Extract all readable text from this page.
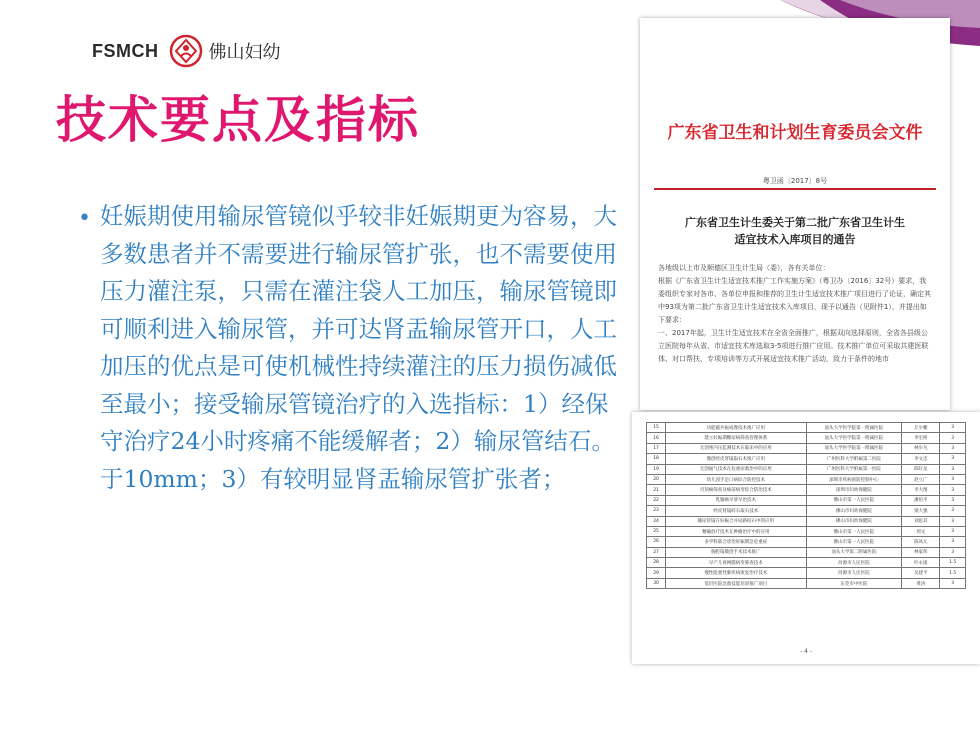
FSMCH	佛山妇幼
技术要点及指标
• 妊娠期使用输尿管镜似乎较非妊娠期更为容易，大多数患者并不需要进行输尿管扩张，也不需要使用压力灌注泵，只需在灌注袋人工加压，输尿管镜即可顺利进入输尿管，并可达肾盂输尿管开口，人工加压的优点是可使机械性持续灌注的压力损伤减低至最小；接受输尿管镜治疗的入选指标：1）经保守治疗24小时疼痛不能缓解者；2）输尿管结石。于10mm；3）有较明显肾盂输尿管扩张者；
广东省卫生和计划生育委员会文件
粤卫函〔2017〕8号
广东省卫生计生委关于第二批广东省卫生计生适宜技术入库项目的通告

各地级以上市及顺德区卫生计生局（委），各有关单位：

根据《广东省卫生计生适宜技术推广工作实施方案》（粤卫办〔2016〕32号）要求，我委组织专家对各市、各单位申报和推荐的卫生计生适宜技术推广项目进行了论证，确定其中93项为第二批广东省卫生计生适宜技术入库项目，现予以通告（见附件1），并提出如下要求：

一、2017年起，卫生计生适宜技术在全省全面推广，根据双向选择原则，全省各县级公立医院每年从省、市适宜技术库选取3-5项进行推广应用。技术推广单位可采取共建医联体、对口帮扶、专项培训等方式开展适宜技术推广活动，致力于条件的地市

15	功能磁共振成像技术推广应用	汕头大学医学院第一附属医院	丘少鹏	3
16	建立妊娠期糖尿病筛查管理体系	汕头大学医学院第一附属医院	李宏桥	3
17	无创颅内压监测技术在临床中的应用	汕头大学医学院第一附属医院	林少凡	3
18	微创经皮肾镜取石术推广应用	广州医科大学附属第二医院	李文忠	3
19	无创通气技术在危重症救治中的应用	广州医科大学附属第一医院	陈旺龙	3
20	幼儿园手足口病综合防控技术	深圳市疾病预防控制中心	赵立广	3
21	宫颈癌筛查及癌前病变综合防治技术	深圳市妇幼保健院	李大图	3
22	乳腺癌早诊早治技术	佛山市第一人民医院	潘伯平	3
23	经皮肾镜碎石取石技术	佛山市妇幼保健院	梁大强	3
24	输尿管镜在妊娠合并尿路结石中的应用	佛山市妇幼保健院	刘思其	3
25	精确放疗技术在肿瘤治疗中的应用	佛山市第一人民医院	周文	3
26	多学科联合诊治妊娠期急危重症	佛山市第一人民医院	陈凤元	3
27	胸腔镜微创手术技术推广	汕头大学第二附属医院	林家伟	3
28	早产儿视网膜病变筛查技术	河源市人民医院	叶永康	1.5
29	慢性阻塞性肺疾病康复治疗技术	河源市人民医院	吴建平	1.5
30	基层医院急救技能培训推广项目	东莞市中医院	黄涛	3
- 4 -
